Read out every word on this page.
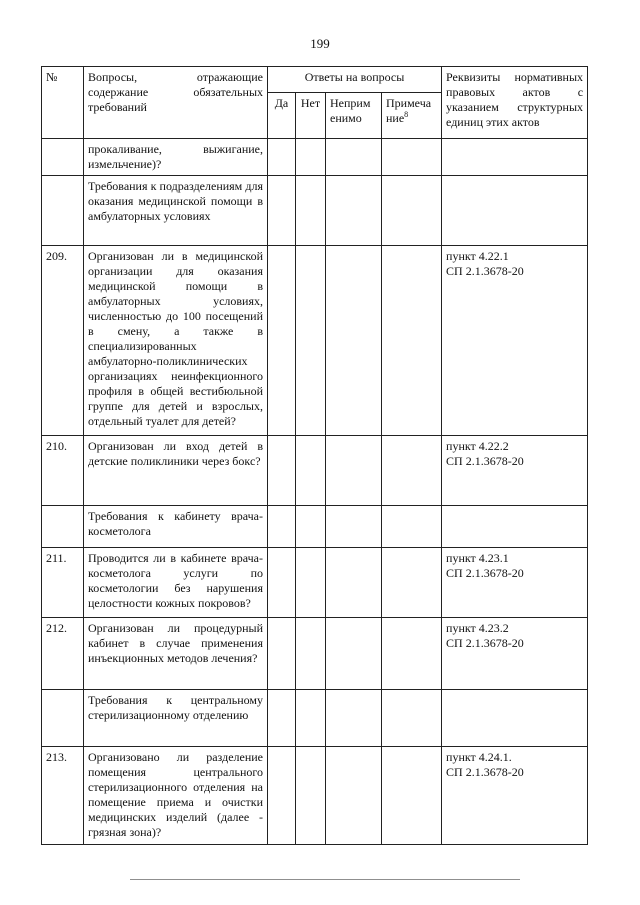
199
№	Вопросы, отражающие содержание обязательных требований	Ответы на вопросы				Реквизиты нормативных правовых актов с указанием структурных единиц этих актов
		Да	Нет	Неприм енимо	Примеча ние$^8$
	прокаливание, выжигание, измельчение)?					
	Требования к подразделениям для оказания медицинской помощи в амбулаторных условиях					
209.	Организован ли в медицинской организации для оказания медицинской помощи в амбулаторных условиях, численностью до 100 посещений в смену, а также в специализированных амбулаторно-поликлинических организациях неинфекционного профиля в общей вестибюльной группе для детей и взрослых, отдельный туалет для детей?					пункт 4.22.1
СП 2.1.3678-20

210.	Организован ли вход детей в детские поликлиники через бокс?					пункт 4.22.2
СП 2.1.3678-20

	Требования к кабинету врача-косметолога					
211.	Проводится ли в кабинете врача-косметолога услуги по косметологии без нарушения целостности кожных покровов?					пункт 4.23.1
СП 2.1.3678-20

212.	Организован ли процедурный кабинет в случае применения инъекционных методов лечения?					пункт 4.23.2
СП 2.1.3678-20

	Требования к центральному стерилизационному отделению					
213.	Организовано ли разделение помещения центрального стерилизационного отделения на помещение приема и очистки медицинских изделий (далее - грязная зона)?					пункт 4.24.1.
СП 2.1.3678-20
